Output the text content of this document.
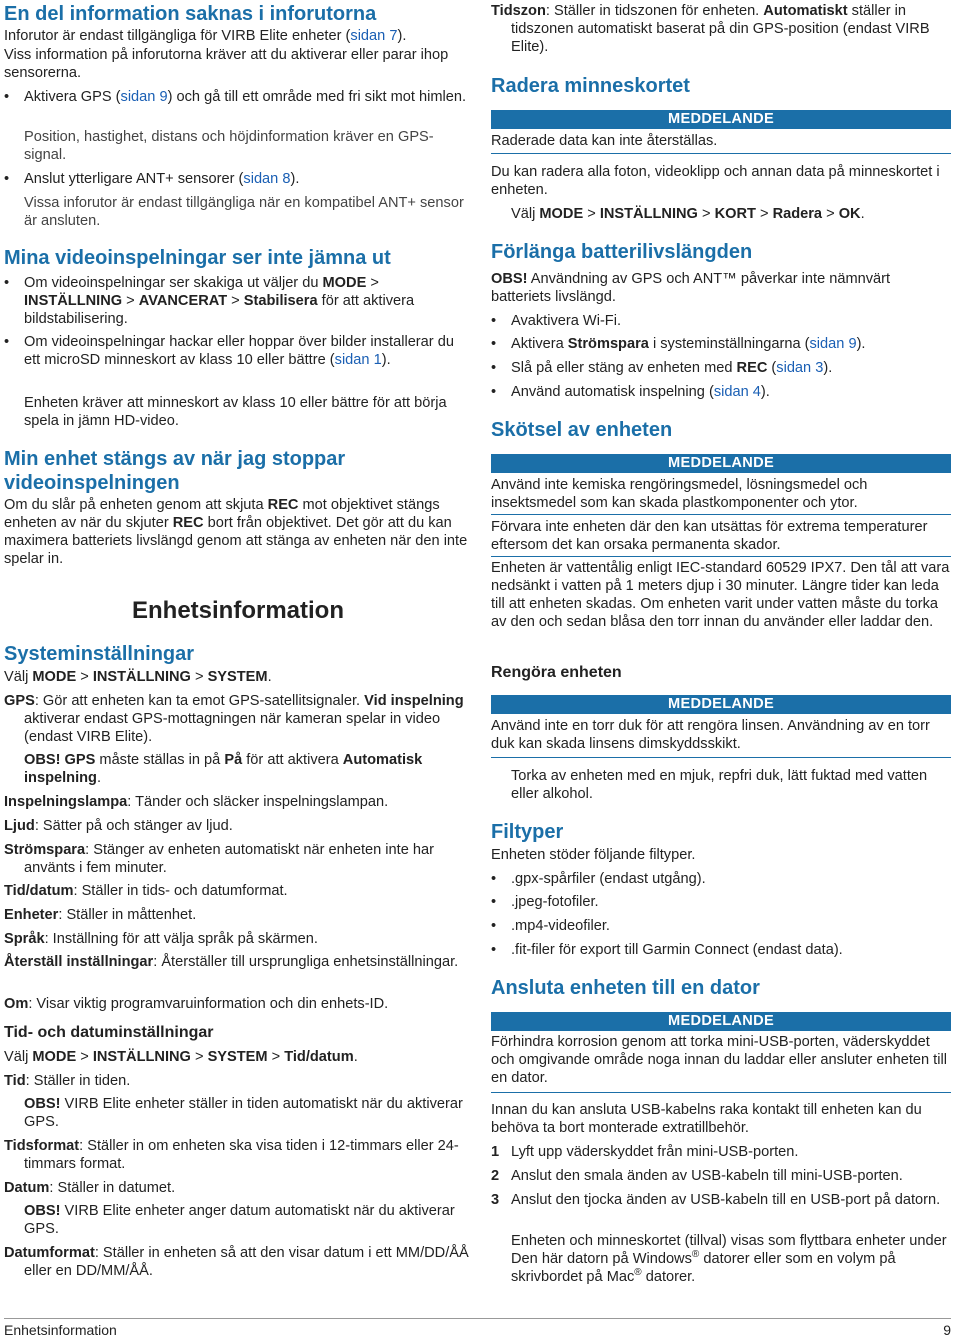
En del information saknas i inforutorna
Inforutor är endast tillgängliga för VIRB Elite enheter (sidan 7).
Viss information på inforutorna kräver att du aktiverar eller parar ihop sensorerna.
• Aktivera GPS (sidan 9) och gå till ett område med fri sikt mot himlen.
Position, hastighet, distans och höjdinformation kräver en GPS-signal.
• Anslut ytterligare ANT+ sensorer (sidan 8).
Vissa inforutor är endast tillgängliga när en kompatibel ANT+ sensor är ansluten.
Mina videoinspelningar ser inte jämna ut
• Om videoinspelningar ser skakiga ut väljer du MODE > INSTÄLLNING > AVANCERAT > Stabilisera för att aktivera bildstabilisering.
• Om videoinspelningar hackar eller hoppar över bilder installerar du ett microSD minneskort av klass 10 eller bättre (sidan 1).
Enheten kräver att minneskort av klass 10 eller bättre för att börja spela in jämn HD-video.
Min enhet stängs av när jag stoppar videoinspelningen
Om du slår på enheten genom att skjuta REC mot objektivet stängs enheten av när du skjuter REC bort från objektivet. Det gör att du kan maximera batteriets livslängd genom att stänga av enheten när den inte spelar in.
Enhetsinformation
Systeminställningar
Välj MODE > INSTÄLLNING > SYSTEM.
GPS: Gör att enheten kan ta emot GPS-satellitsignaler. Vid inspelning aktiverar endast GPS-mottagningen när kameran spelar in video (endast VIRB Elite).
OBS! GPS måste ställas in på På för att aktivera Automatisk inspelning.
Inspelningslampa: Tänder och släcker inspelningslampan.
Ljud: Sätter på och stänger av ljud.
Strömspara: Stänger av enheten automatiskt när enheten inte har använts i fem minuter.
Tid/datum: Ställer in tids- och datumformat.
Enheter: Ställer in måttenhet.
Språk: Inställning för att välja språk på skärmen.
Återställ inställningar: Återställer till ursprungliga enhetsinställningar.
Om: Visar viktig programvaruinformation och din enhets-ID.
Tid- och datuminställningar
Välj MODE > INSTÄLLNING > SYSTEM > Tid/datum.
Tid: Ställer in tiden.
OBS! VIRB Elite enheter ställer in tiden automatiskt när du aktiverar GPS.
Tidsformat: Ställer in om enheten ska visa tiden i 12-timmars eller 24-timmars format.
Datum: Ställer in datumet.
OBS! VIRB Elite enheter anger datum automatiskt när du aktiverar GPS.
Datumformat: Ställer in enheten så att den visar datum i ett MM/DD/ÅÅ eller en DD/MM/ÅÅ.
Tidszon: Ställer in tidszonen för enheten. Automatiskt ställer in tidszonen automatiskt baserat på din GPS-position (endast VIRB Elite).
Radera minneskortet
MEDDELANDE
Raderade data kan inte återställas.
Du kan radera alla foton, videoklipp och annan data på minneskortet i enheten.
Välj MODE > INSTÄLLNING > KORT > Radera > OK.
Förlänga batterilivslängden
OBS! Användning av GPS och ANT™ påverkar inte nämnvärt batteriets livslängd.
• Avaktivera Wi-Fi.
• Aktivera Strömspara i systeminställningarna (sidan 9).
• Slå på eller stäng av enheten med REC (sidan 3).
• Använd automatisk inspelning (sidan 4).
Skötsel av enheten
MEDDELANDE
Använd inte kemiska rengöringsmedel, lösningsmedel och insektsmedel som kan skada plastkomponenter och ytor.
Förvara inte enheten där den kan utsättas för extrema temperaturer eftersom det kan orsaka permanenta skador.
Enheten är vattentålig enligt IEC-standard 60529 IPX7. Den tål att vara nedsänkt i vatten på 1 meters djup i 30 minuter. Längre tider kan leda till att enheten skadas. Om enheten varit under vatten måste du torka av den och sedan blåsa den torr innan du använder eller laddar den.
Rengöra enheten
MEDDELANDE
Använd inte en torr duk för att rengöra linsen. Användning av en torr duk kan skada linsens dimskyddsskikt.
Torka av enheten med en mjuk, repfri duk, lätt fuktad med vatten eller alkohol.
Filtyper
Enheten stöder följande filtyper.
• .gpx-spårfiler (endast utgång).
• .jpeg-fotofiler.
• .mp4-videofiler.
• .fit-filer för export till Garmin Connect (endast data).
Ansluta enheten till en dator
MEDDELANDE
Förhindra korrosion genom att torka mini-USB-porten, väderskyddet och omgivande område noga innan du laddar eller ansluter enheten till en dator.
Innan du kan ansluta USB-kabelns raka kontakt till enheten kan du behöva ta bort monterade extratillbehör.
1 Lyft upp väderskyddet från mini-USB-porten.
2 Anslut den smala änden av USB-kabeln till mini-USB-porten.
3 Anslut den tjocka änden av USB-kabeln till en USB-port på datorn.
Enheten och minneskortet (tillval) visas som flyttbara enheter under Den här datorn på Windows® datorer eller som en volym på skrivbordet på Mac® datorer.
Enhetsinformation	9
